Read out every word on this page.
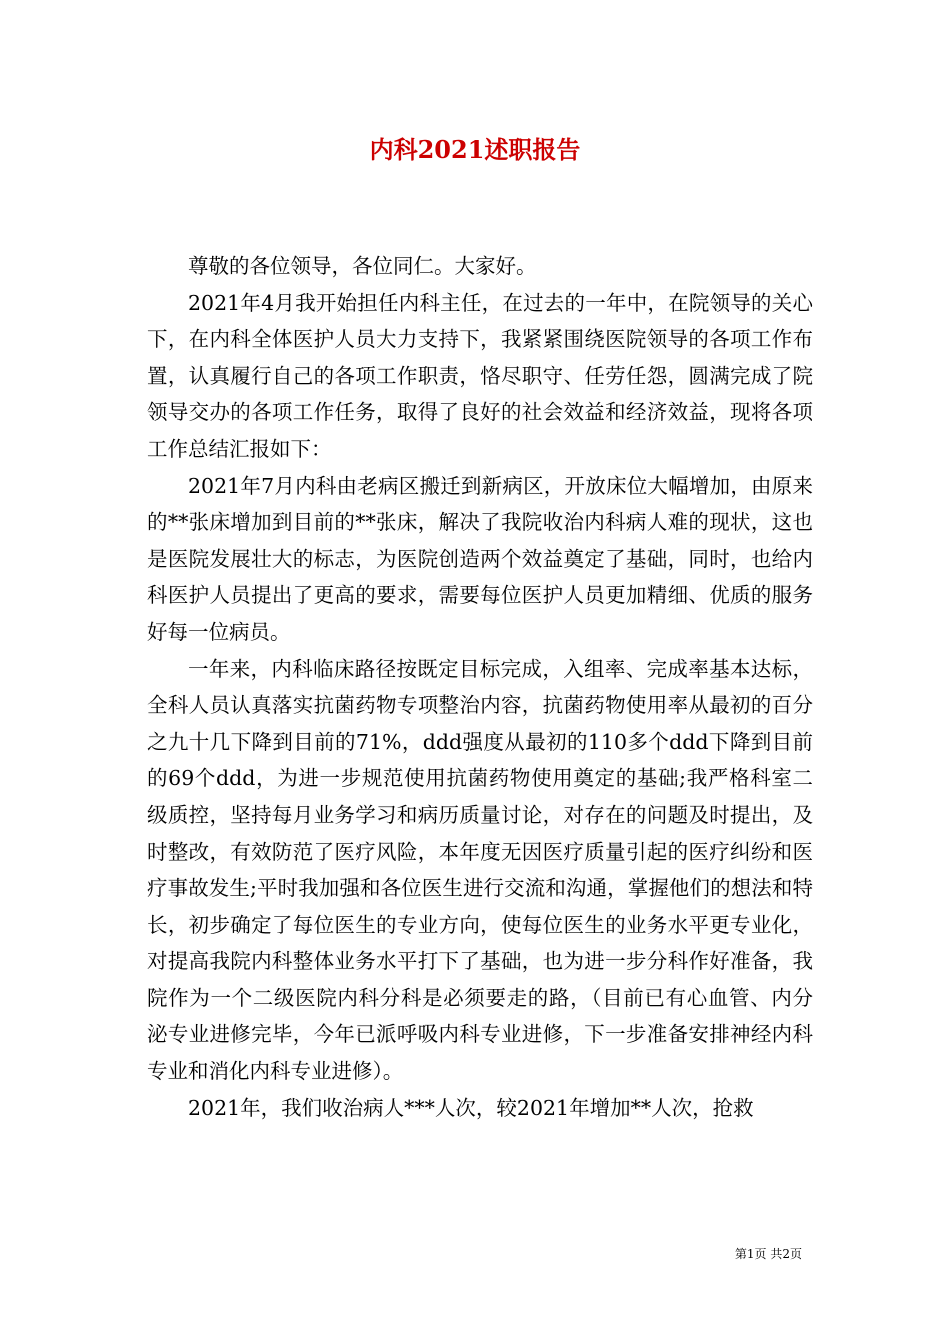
内科2021述职报告

尊敬的各位领导，各位同仁。大家好。

2021年4月我开始担任内科主任，在过去的一年中，在院领导的关心下，在内科全体医护人员大力支持下，我紧紧围绕医院领导的各项工作布置，认真履行自己的各项工作职责，恪尽职守、任劳任怨，圆满完成了院领导交办的各项工作任务，取得了良好的社会效益和经济效益，现将各项工作总结汇报如下：

2021年7月内科由老病区搬迁到新病区，开放床位大幅增加，由原来的**张床增加到目前的**张床，解决了我院收治内科病人难的现状，这也是医院发展壮大的标志，为医院创造两个效益奠定了基础，同时，也给内科医护人员提出了更高的要求，需要每位医护人员更加精细、优质的服务好每一位病员。

一年来，内科临床路径按既定目标完成，入组率、完成率基本达标，全科人员认真落实抗菌药物专项整治内容，抗菌药物使用率从最初的百分之九十几下降到目前的71%，ddd强度从最初的110多个ddd下降到目前的69个ddd，为进一步规范使用抗菌药物使用奠定的基础;我严格科室二级质控，坚持每月业务学习和病历质量讨论，对存在的问题及时提出，及时整改，有效防范了医疗风险，本年度无因医疗质量引起的医疗纠纷和医疗事故发生;平时我加强和各位医生进行交流和沟通，掌握他们的想法和特长，初步确定了每位医生的专业方向，使每位医生的业务水平更专业化，对提高我院内科整体业务水平打下了基础，也为进一步分科作好准备，我院作为一个二级医院内科分科是必须要走的路，（目前已有心血管、内分泌专业进修完毕，今年已派呼吸内科专业进修，下一步准备安排神经内科专业和消化内科专业进修）。

2021年，我们收治病人***人次，较2021年增加**人次，抢救

第1页 共2页
